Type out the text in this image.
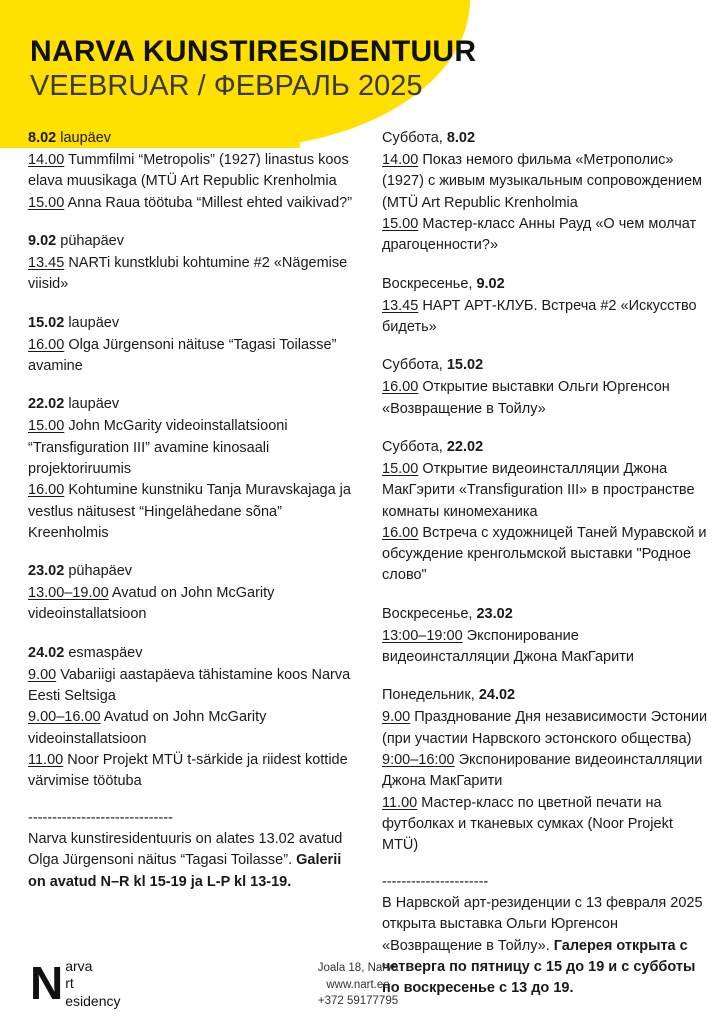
NARVA KUNSTIRESIDENTUUR
VEEBRUAR / ФЕВРАЛЬ 2025
8.02 laupäev

14.00 Tummfilmi “Metropolis” (1927) linastus koos elava muusikaga (MTÜ Art Republic Krenholmia

15.00 Anna Raua töötuba “Millest ehted vaikivad?”

9.02 pühapäev

13.45 NARTi kunstklubi kohtumine #2 «Nägemise viisid»

15.02 laupäev

16.00 Olga Jürgensoni näituse “Tagasi Toilasse” avamine

22.02 laupäev

15.00 John McGarity videoinstallatsiooni “Transfiguration III” avamine kinosaali projektoriruumis

16.00 Kohtumine kunstniku Tanja Muravskajaga ja vestlus näitusest “Hingelähedane sõna” Kreenholmis

23.02 pühapäev

13.00–19.00 Avatud on John McGarity videoinstallatsioon

24.02 esmaspäev

9.00 Vabariigi aastapäeva tähistamine koos Narva Eesti Seltsiga

9.00–16.00 Avatud on John McGarity videoinstallatsioon

11.00 Noor Projekt MTÜ t-särkide ja riidest kottide värvimise töötuba

------------------------------
Narva kunstiresidentuuris on alates 13.02 avatud Olga Jürgensoni näitus “Tagasi Toilasse”. Galerii on avatud N–R kl 15-19 ja L-P kl 13-19.
Суббота, 8.02

14.00 Показ немого фильма «Метрополис» (1927) с живым музыкальным сопровождением (MTÜ Art Republic Krenholmia

15.00 Мастер-класс Анны Рауд «О чем молчат драгоценности?»

Воскресенье, 9.02

13.45 НАРТ АРТ-КЛУБ. Встреча #2 «Искусство бидеть»

Суббота, 15.02

16.00 Открытие выставки Ольги Юргенсон «Возвращение в Тойлу»

Суббота, 22.02

15.00 Открытие видеоинсталляции Джона МакГэрити «Transfiguration III» в пространстве комнаты киномеханика

16.00 Встреча с художницей Таней Муравской и обсуждение кренгольмской выставки "Родное слово"

Воскресенье, 23.02

13:00–19:00 Экспонирование видеоинсталляции Джона МакГарити

Понедельник, 24.02

9.00 Празднование Дня независимости Эстонии (при участии Нарвского эстонского общества)

9:00–16:00 Экспонирование видеоинсталляции Джона МакГарити

11.00 Мастер-класс по цветной печати на футболках и тканевых сумках (Noor Projekt MTÜ)

----------------------
В Нарвской арт-резиденции с 13 февраля 2025 открыта выставка Ольги Юргенсон «Возвращение в Тойлу». Галерея открыта с четверга по пятницу с 15 до 19 и с субботы по воскресенье с 13 до 19.
N arva
rt
esidency
Joala 18, Narva
www.nart.ee
+372 59177795
